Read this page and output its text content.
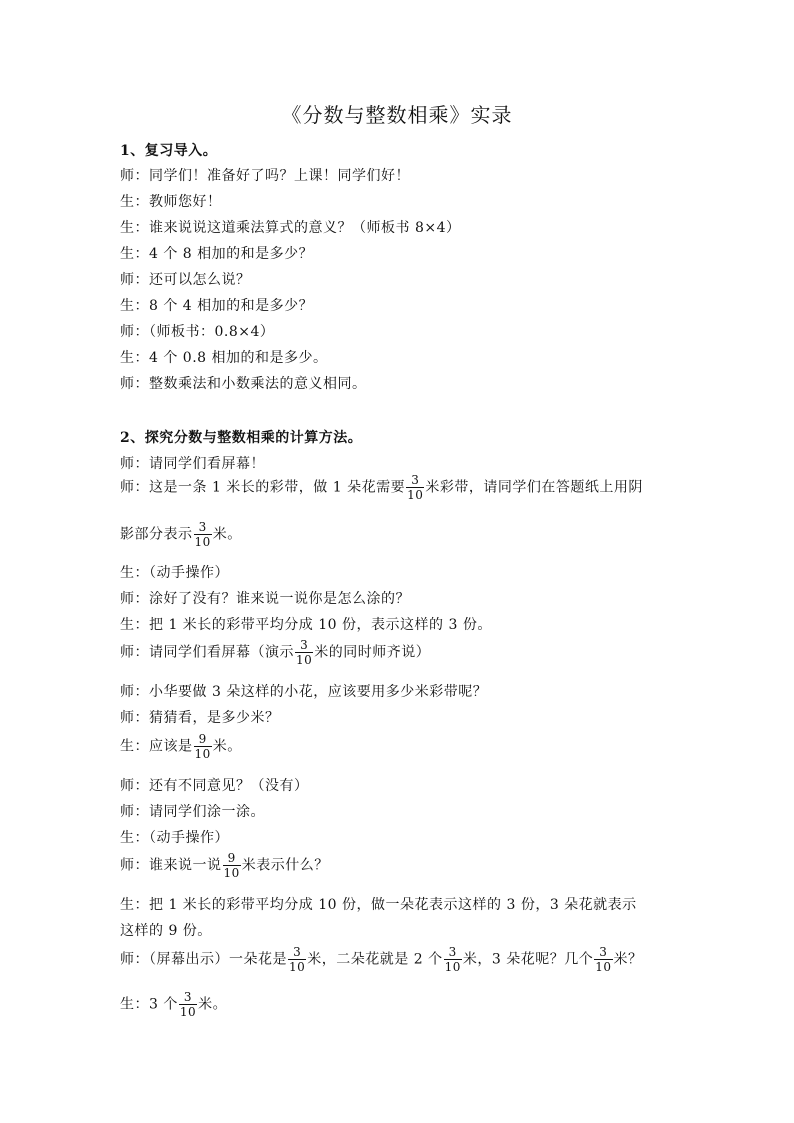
《分数与整数相乘》实录
1、复习导入。
师：同学们！准备好了吗？上课！同学们好！
生：教师您好！
生：谁来说说这道乘法算式的意义？（师板书 8×4）
生：4 个 8 相加的和是多少？
师：还可以怎么说？
生：8 个 4 相加的和是多少？
师：（师板书：0.8×4）
生：4 个 0.8 相加的和是多少。
师：整数乘法和小数乘法的意义相同。
2、探究分数与整数相乘的计算方法。
师：请同学们看屏幕！
师：这是一条 1 米长的彩带，做 1 朵花需要 $\frac{3}{10}$ 米彩带，请同学们在答题纸上用阴
影部分表示 $\frac{3}{10}$ 米。
生：（动手操作）
师：涂好了没有？谁来说一说你是怎么涂的？
生：把 1 米长的彩带平均分成 10 份，表示这样的 3 份。
师：请同学们看屏幕（演示 $\frac{3}{10}$ 米的同时师齐说）
师：小华要做 3 朵这样的小花，应该要用多少米彩带呢？
师：猜猜看，是多少米？
生：应该是 $\frac{9}{10}$ 米。
师：还有不同意见？（没有）
师：请同学们涂一涂。
生：（动手操作）
师：谁来说一说 $\frac{9}{10}$ 米表示什么？
生：把 1 米长的彩带平均分成 10 份，做一朵花表示这样的 3 份，3 朵花就表示
这样的 9 份。
师：（屏幕出示）一朵花是 $\frac{3}{10}$ 米，二朵花就是 2 个 $\frac{3}{10}$ 米，3 朵花呢？几个 $\frac{3}{10}$ 米？
生：3 个 $\frac{3}{10}$ 米。
